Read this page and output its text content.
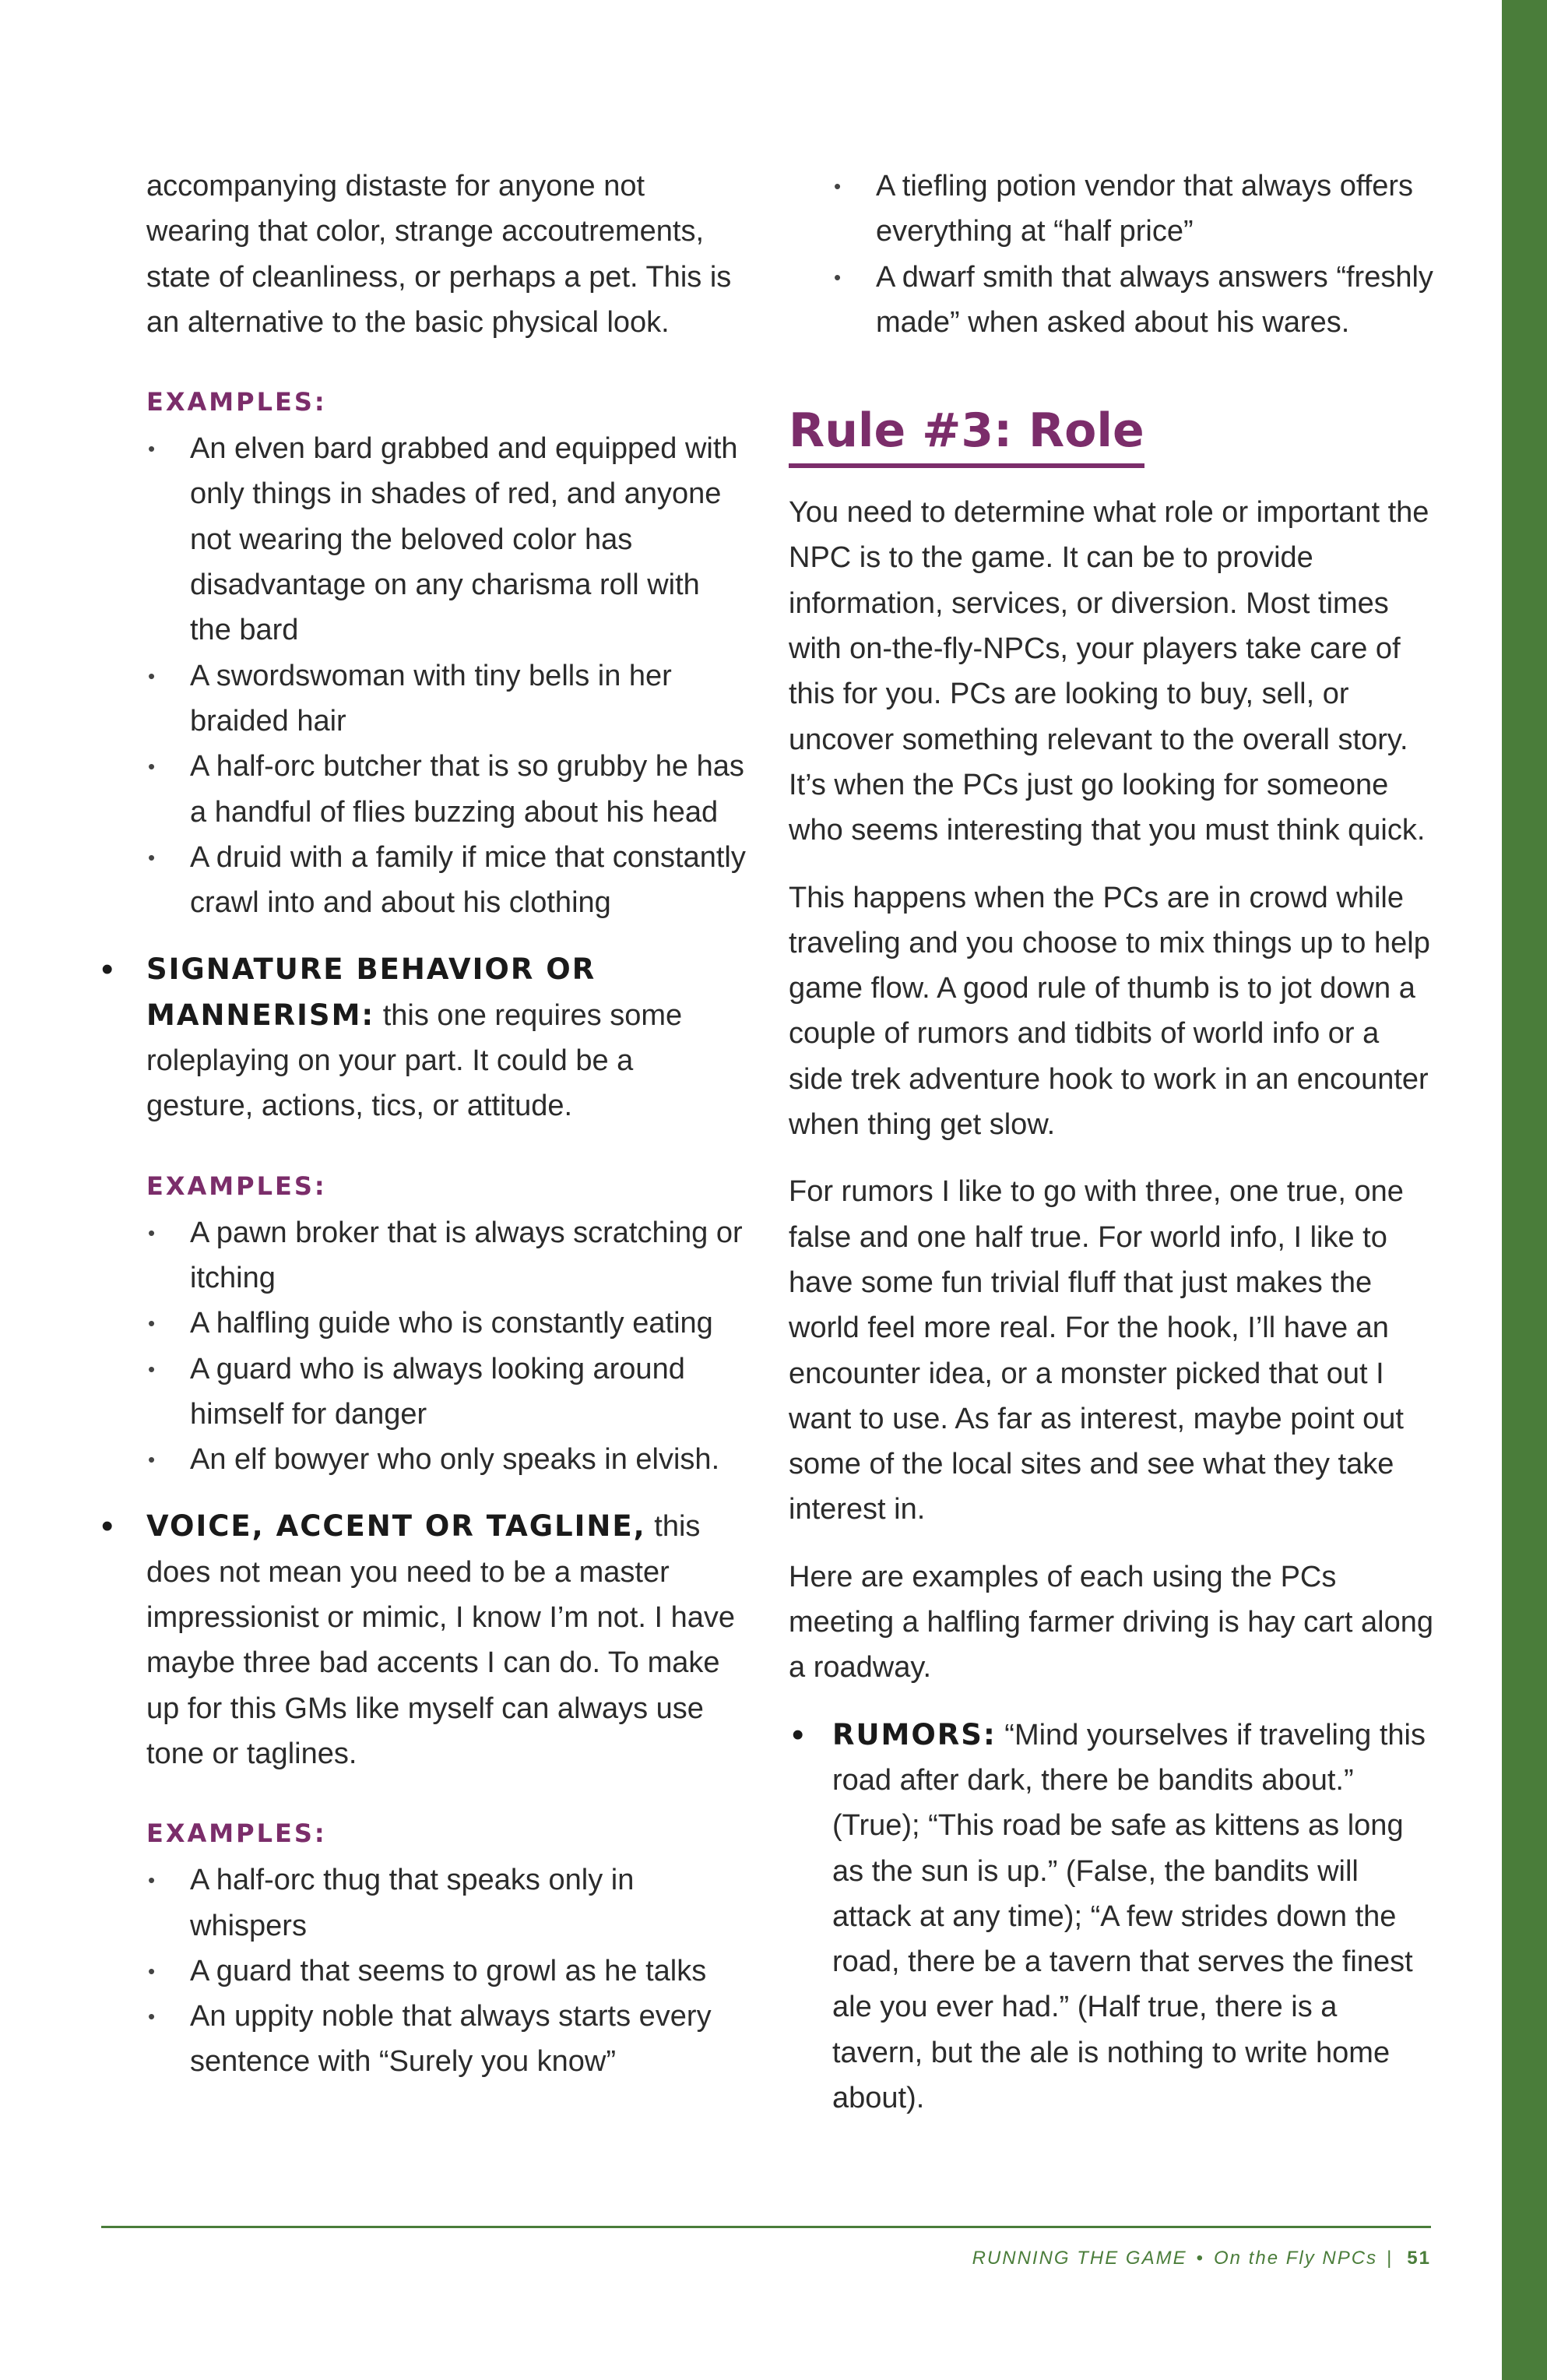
accompanying distaste for anyone not wearing that color, strange accoutrements, state of cleanliness, or perhaps a pet. This is an alternative to the basic physical look.

EXAMPLES:
• An elven bard grabbed and equipped with only things in shades of red, and anyone not wearing the beloved color has disadvantage on any charisma roll with the bard
• A swordswoman with tiny bells in her braided hair
• A half-orc butcher that is so grubby he has a handful of flies buzzing about his head
• A druid with a family if mice that constantly crawl into and about his clothing
• SIGNATURE BEHAVIOR OR MANNERISM: this one requires some roleplaying on your part. It could be a gesture, actions, tics, or attitude.
EXAMPLES:
• A pawn broker that is always scratching or itching
• A halfling guide who is constantly eating
• A guard who is always looking around himself for danger
• An elf bowyer who only speaks in elvish.
• VOICE, ACCENT OR TAGLINE, this does not mean you need to be a master impressionist or mimic, I know I’m not. I have maybe three bad accents I can do. To make up for this GMs like myself can always use tone or taglines.
EXAMPLES:
• A half-orc thug that speaks only in whispers
• A guard that seems to growl as he talks
• An uppity noble that always starts every sentence with “Surely you know”
• A tiefling potion vendor that always offers everything at “half price”
• A dwarf smith that always answers “freshly made” when asked about his wares.
Rule #3: Role

You need to determine what role or important the NPC is to the game. It can be to provide information, services, or diversion. Most times with on-the-fly-NPCs, your players take care of this for you. PCs are looking to buy, sell, or uncover something relevant to the overall story. It’s when the PCs just go looking for someone who seems interesting that you must think quick.

This happens when the PCs are in crowd while traveling and you choose to mix things up to help game flow. A good rule of thumb is to jot down a couple of rumors and tidbits of world info or a side trek adventure hook to work in an encounter when thing get slow.

For rumors I like to go with three, one true, one false and one half true. For world info, I like to have some fun trivial fluff that just makes the world feel more real. For the hook, I’ll have an encounter idea, or a monster picked that out I want to use. As far as interest, maybe point out some of the local sites and see what they take interest in.

Here are examples of each using the PCs meeting a halfling farmer driving is hay cart along a roadway.

• RUMORS: “Mind yourselves if traveling this road after dark, there be bandits about.” (True); “This road be safe as kittens as long as the sun is up.” (False, the bandits will attack at any time); “A few strides down the road, there be a tavern that serves the finest ale you ever had.” (Half true, there is a tavern, but the ale is nothing to write home about).
RUNNING THE GAME • On the Fly NPCs | 51
